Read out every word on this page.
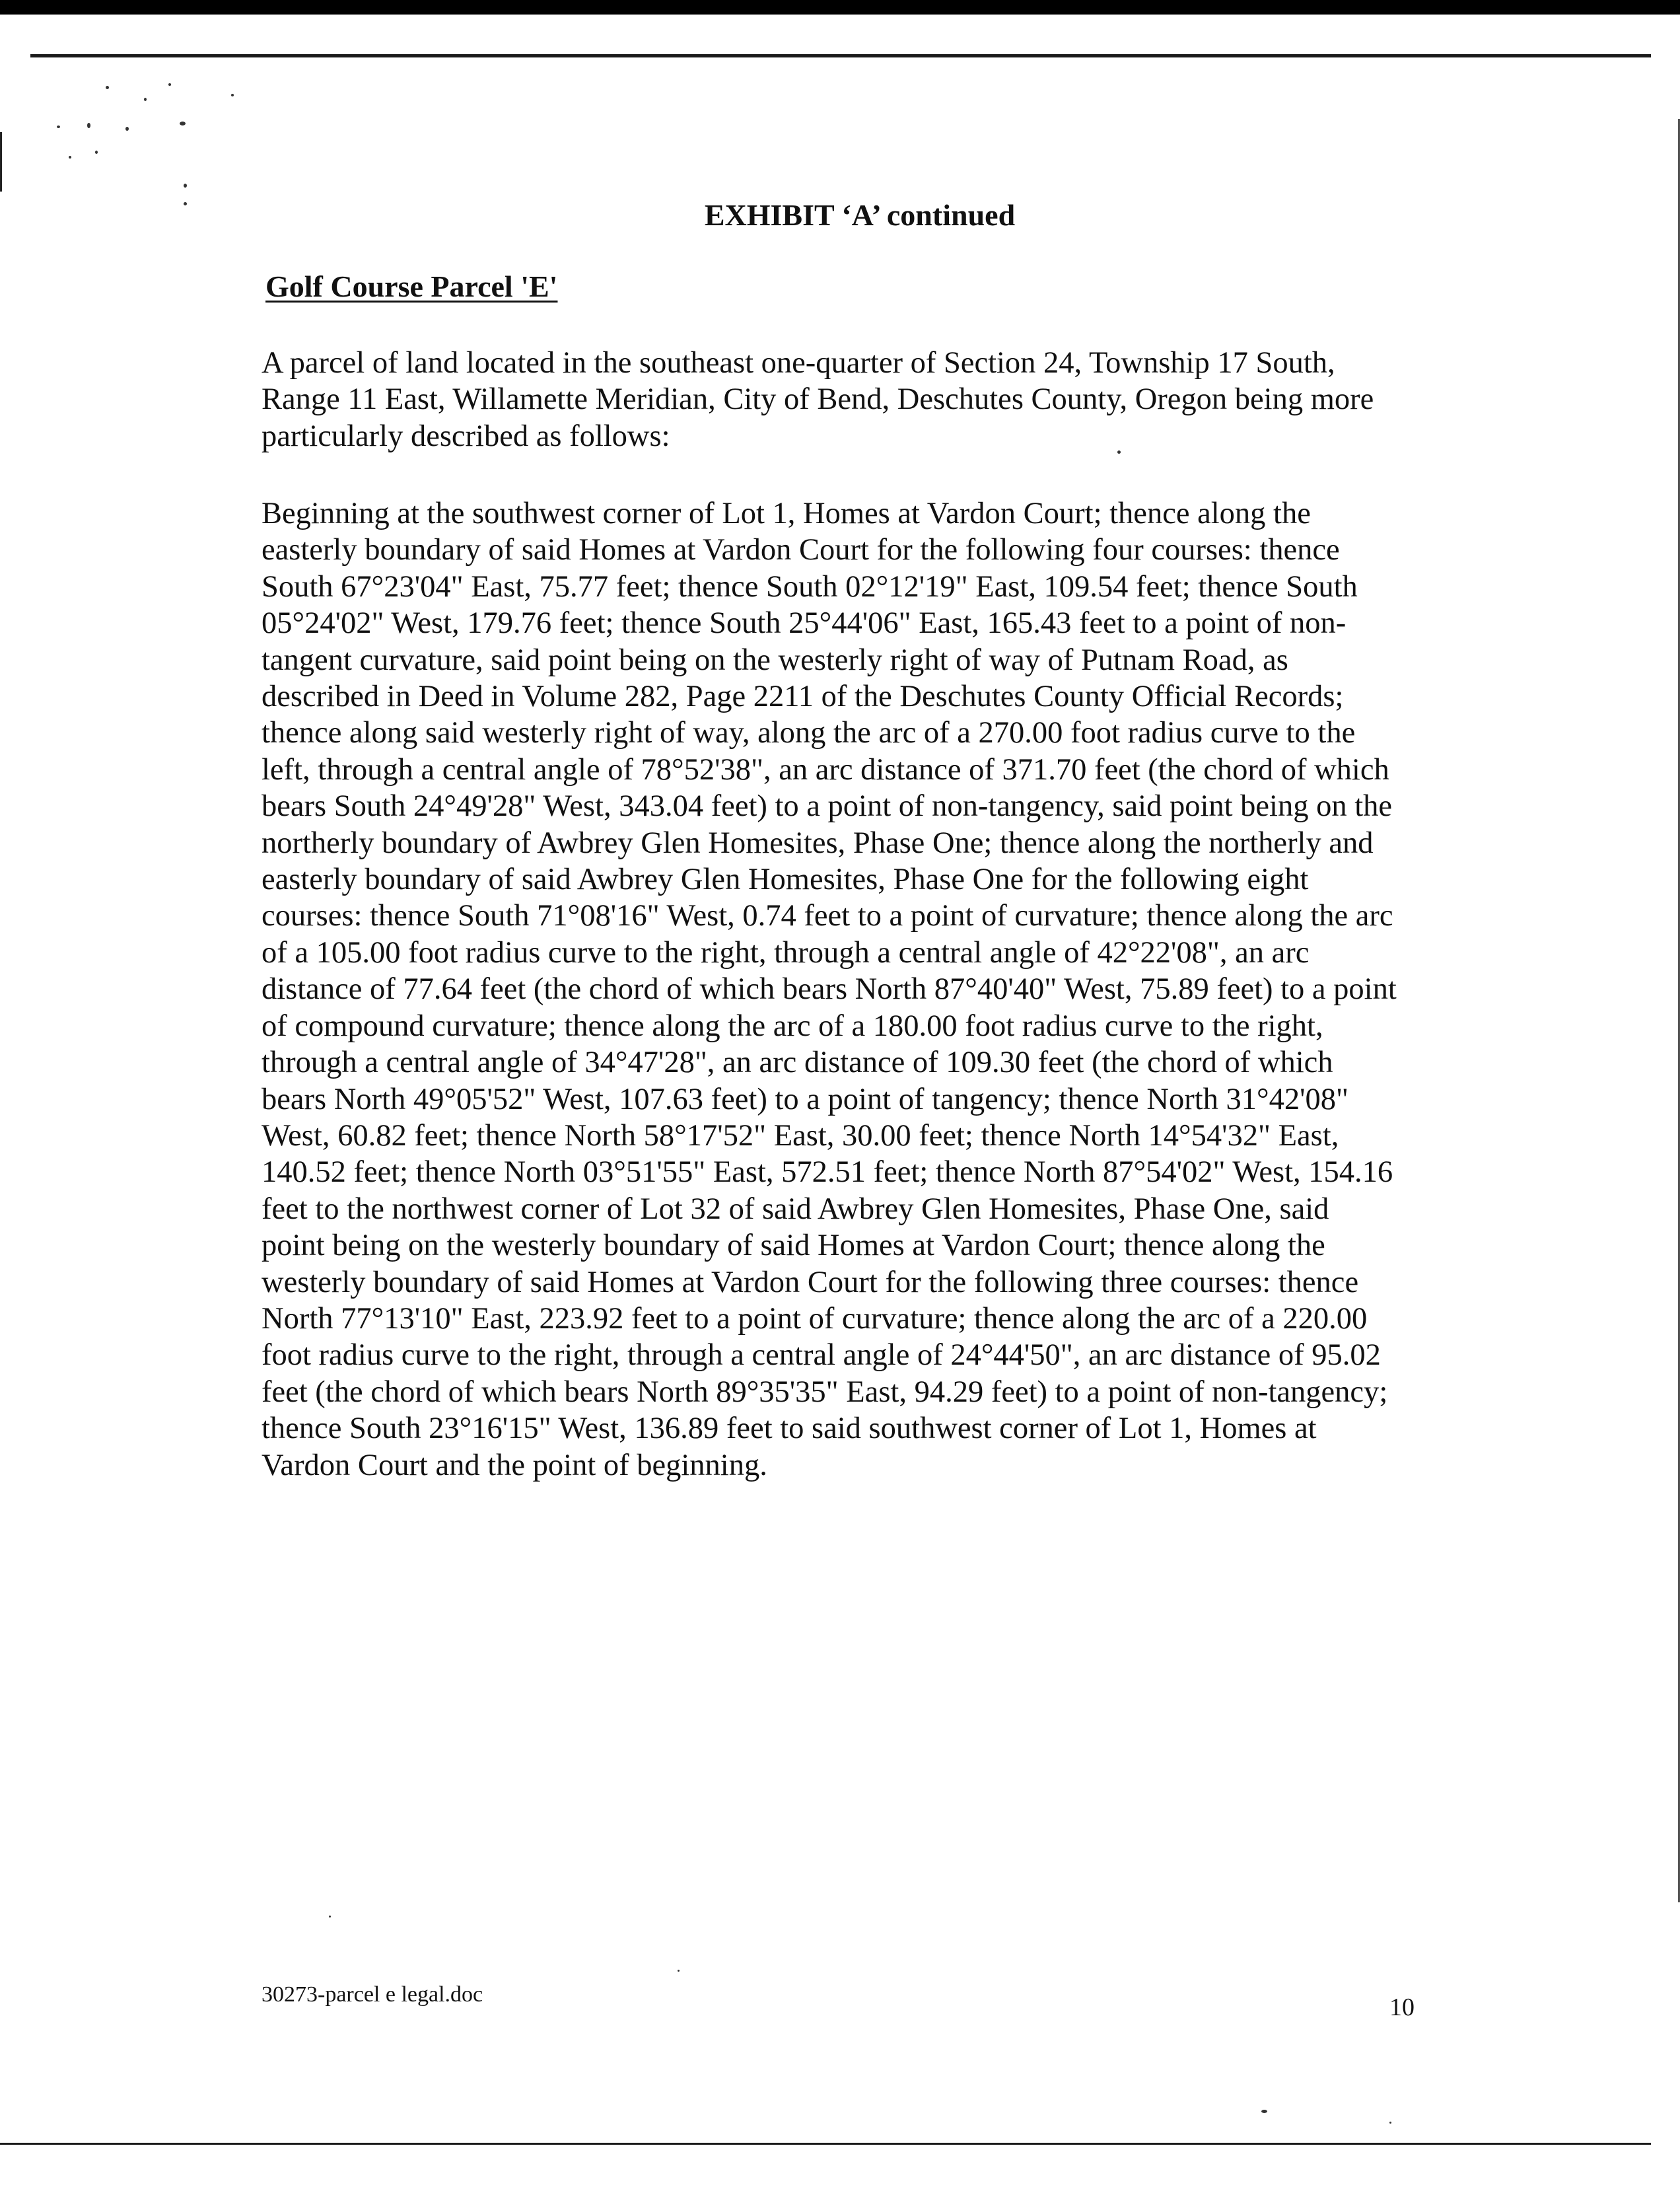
EXHIBIT ‘A’ continued
Golf Course Parcel 'E'

A parcel of land located in the southeast one-quarter of Section 24, Township 17 South,
Range 11 East, Willamette Meridian, City of Bend, Deschutes County, Oregon being more
particularly described as follows:

Beginning at the southwest corner of Lot 1, Homes at Vardon Court; thence along the
easterly boundary of said Homes at Vardon Court for the following four courses: thence
South 67°23'04" East, 75.77 feet; thence South 02°12'19" East, 109.54 feet; thence South
05°24'02" West, 179.76 feet; thence South 25°44'06" East, 165.43 feet to a point of non-
tangent curvature, said point being on the westerly right of way of Putnam Road, as
described in Deed in Volume 282, Page 2211 of the Deschutes County Official Records;
thence along said westerly right of way, along the arc of a 270.00 foot radius curve to the
left, through a central angle of 78°52'38", an arc distance of 371.70 feet (the chord of which
bears South 24°49'28" West, 343.04 feet) to a point of non-tangency, said point being on the
northerly boundary of Awbrey Glen Homesites, Phase One; thence along the northerly and
easterly boundary of said Awbrey Glen Homesites, Phase One for the following eight
courses: thence South 71°08'16" West, 0.74 feet to a point of curvature; thence along the arc
of a 105.00 foot radius curve to the right, through a central angle of 42°22'08", an arc
distance of 77.64 feet (the chord of which bears North 87°40'40" West, 75.89 feet) to a point
of compound curvature; thence along the arc of a 180.00 foot radius curve to the right,
through a central angle of 34°47'28", an arc distance of 109.30 feet (the chord of which
bears North 49°05'52" West, 107.63 feet) to a point of tangency; thence North 31°42'08"
West, 60.82 feet; thence North 58°17'52" East, 30.00 feet; thence North 14°54'32" East,
140.52 feet; thence North 03°51'55" East, 572.51 feet; thence North 87°54'02" West, 154.16
feet to the northwest corner of Lot 32 of said Awbrey Glen Homesites, Phase One, said
point being on the westerly boundary of said Homes at Vardon Court; thence along the
westerly boundary of said Homes at Vardon Court for the following three courses: thence
North 77°13'10" East, 223.92 feet to a point of curvature; thence along the arc of a 220.00
foot radius curve to the right, through a central angle of 24°44'50", an arc distance of 95.02
feet (the chord of which bears North 89°35'35" East, 94.29 feet) to a point of non-tangency;
thence South 23°16'15" West, 136.89 feet to said southwest corner of Lot 1, Homes at
Vardon Court and the point of beginning.

30273-parcel e legal.doc	10
